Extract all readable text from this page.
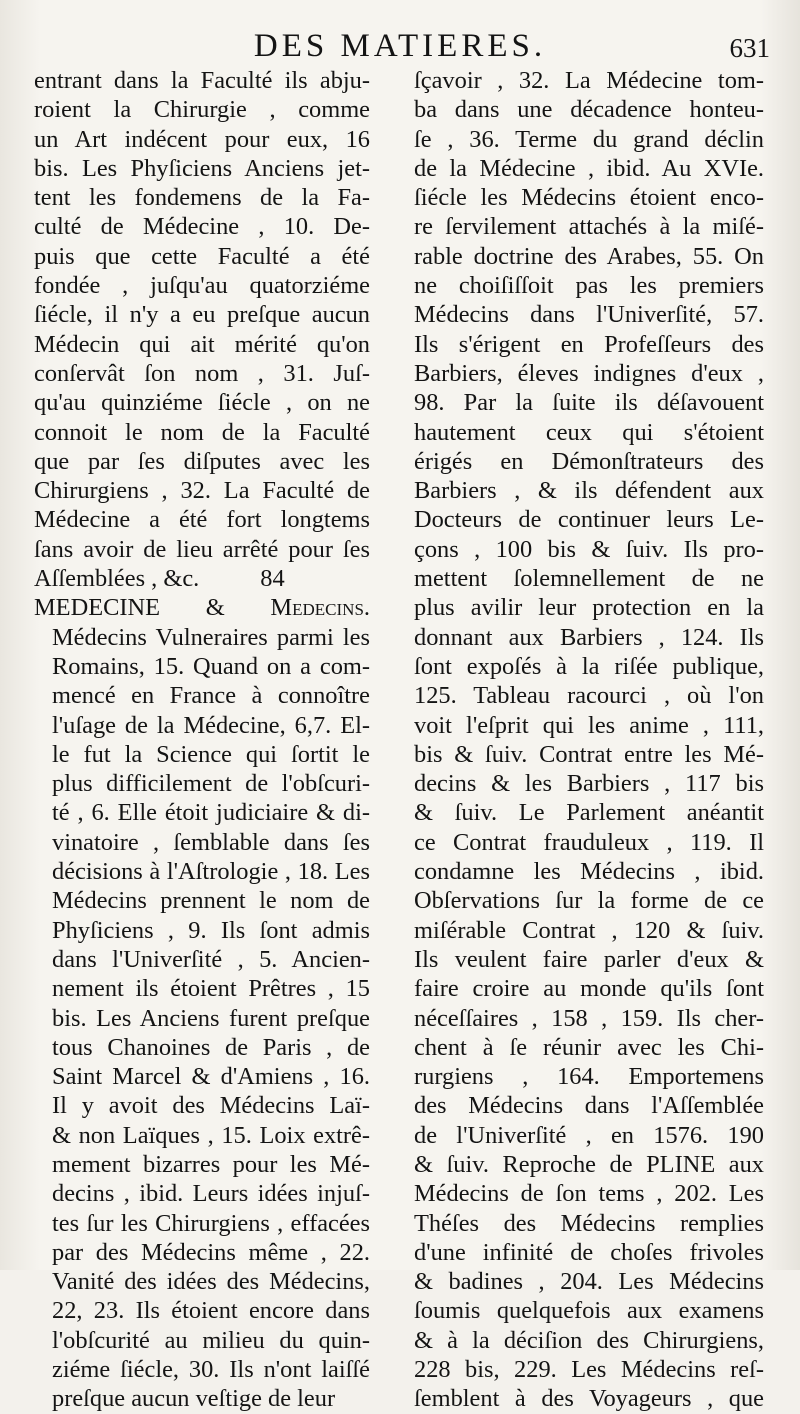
DES MATIERES.	631
entrant dans la Faculté ils abju-
roient la Chirurgie , comme
un Art indécent pour eux, 16
bis. Les Phyſiciens Anciens jet-
tent les fondemens de la Fa-
culté de Médecine , 10. De-
puis que cette Faculté a été
fondée , juſqu'au quatorziéme
ſiécle, il n'y a eu preſque aucun
Médecin qui ait mérité qu'on
conſervât ſon nom , 31. Juſ-
qu'au quinziéme ſiécle , on ne
connoit le nom de la Faculté
que par ſes diſputes avec les
Chirurgiens , 32. La Faculté de
Médecine a été fort longtems
ſans avoir de lieu arrêté pour ſes
Aſſemblées , &c.          84
MEDECINE & Medecins.
Médecins Vulneraires parmi les
Romains, 15. Quand on a com-
mencé en France à connoître
l'uſage de la Médecine, 6,7. El-
le fut la Science qui ſortit le
plus difficilement de l'obſcuri-
té , 6. Elle étoit judiciaire & di-
vinatoire , ſemblable dans ſes
décisions à l'Aſtrologie , 18. Les
Médecins prennent le nom de
Phyſiciens , 9. Ils ſont admis
dans l'Univerſité , 5. Ancien-
nement ils étoient Prêtres , 15
bis. Les Anciens furent preſque
tous Chanoines de Paris , de
Saint Marcel & d'Amiens , 16.
Il y avoit des Médecins Laï-
& non Laïques , 15. Loix extrê-
mement bizarres pour les Mé-
decins , ibid. Leurs idées injuſ-
tes ſur les Chirurgiens , effacées
par des Médecins même , 22.
Vanité des idées des Médecins,
22, 23. Ils étoient encore dans
l'obſcurité au milieu du quin-
ziéme ſiécle, 30. Ils n'ont laiſſé
preſque aucun veſtige de leur
ſçavoir , 32. La Médecine tom-
ba dans une décadence honteu-
ſe , 36. Terme du grand déclin
de la Médecine , ibid. Au XVIe.
ſiécle les Médecins étoient enco-
re ſervilement attachés à la miſé-
rable doctrine des Arabes, 55. On
ne choiſiſſoit pas les premiers
Médecins dans l'Univerſité, 57.
Ils s'érigent en Profeſſeurs des
Barbiers, éleves indignes d'eux ,
98. Par la ſuite ils déſavouent
hautement ceux qui s'étoient
érigés en Démonſtrateurs des
Barbiers , & ils défendent aux
Docteurs de continuer leurs Le-
çons , 100 bis & ſuiv. Ils pro-
mettent ſolemnellement de ne
plus avilir leur protection en la
donnant aux Barbiers , 124. Ils
ſont expoſés à la riſée publique,
125. Tableau racourci , où l'on
voit l'eſprit qui les anime , 111,
bis & ſuiv. Contrat entre les Mé-
decins & les Barbiers , 117 bis
& ſuiv. Le Parlement anéantit
ce Contrat frauduleux , 119. Il
condamne les Médecins , ibid.
Obſervations ſur la forme de ce
miſérable Contrat , 120 & ſuiv.
Ils veulent faire parler d'eux &
faire croire au monde qu'ils ſont
néceſſaires , 158 , 159. Ils cher-
chent à ſe réunir avec les Chi-
rurgiens , 164. Emportemens
des Médecins dans l'Aſſemblée
de l'Univerſité , en 1576. 190
& ſuiv. Reproche de PLINE aux
Médecins de ſon tems , 202. Les
Théſes des Médecins remplies
d'une infinité de choſes frivoles
& badines , 204. Les Médecins
ſoumis quelquefois aux examens
& à la déciſion des Chirurgiens,
228 bis, 229. Les Médecins reſ-
ſemblent à des Voyageurs , que
